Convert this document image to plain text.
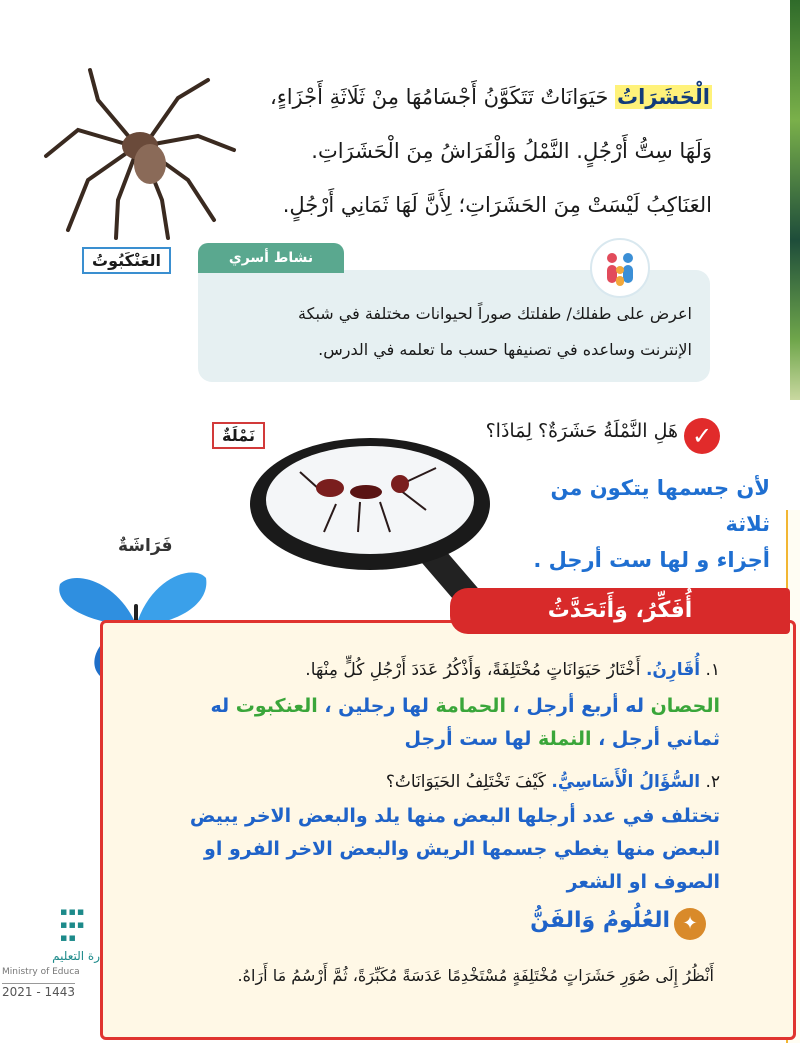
الْحَشَرَاتُ حَيَوَانَاتٌ تَتَكَوَّنُ أَجْسَامُهَا مِنْ ثَلَاثَةِ أَجْزَاءٍ،
وَلَهَا سِتُّ أَرْجُلٍ. النَّمْلُ وَالْفَرَاشُ مِنَ الْحَشَرَاتِ.
العَنَاكِبُ لَيْسَتْ مِنَ الحَشَرَاتِ؛ لِأَنَّ لَهَا ثَمَانِي أَرْجُلٍ.
العَنْكَبُوتُ	نشاط أسري
اعرض على طفلك/ طفلتك صوراً لحيوانات مختلفة في شبكة
الإنترنت وساعده في تصنيفها حسب ما تعلمه في الدرس.
نَمْلَةٌ	✓
هَلِ النَّمْلَةُ حَشَرَةٌ؟ لِمَاذَا؟
لأن جسمها يتكون من ثلاثة
أجزاء و لها ست أرجل .
فَرَاشَةٌ
أُفَكِّرُ، وَأَتَحَدَّثُ
١. أُقَارِنُ. أَخْتَارُ حَيَوَانَاتٍ مُخْتَلِفَةً، وَأَذْكُرُ عَدَدَ أَرْجُلِ كُلٍّ مِنْهَا.
الحصان له أربع أرجل ، الحمامة لها رجلين ، العنكبوت له
ثماني أرجل ، النملة لها ست أرجل
٢. السُّؤَالُ الْأَسَاسِيُّ. كَيْفَ تَخْتَلِفُ الحَيَوَانَاتُ؟
تختلف في عدد أرجلها البعض منها يلد والبعض الاخر يبيض
البعض منها يغطي جسمها الريش والبعض الاخر الفرو او
الصوف او الشعر
✦
العُلُومُ وَالفَنُّ
أَنْظُرُ إِلَى صُوَرِ حَشَرَاتٍ مُخْتَلِفَةٍ مُسْتَخْدِمًا عَدَسَةً مُكَبِّرَةً، ثُمَّ أَرْسُمُ مَا أَرَاهُ.
▪▪▪
▪▪▪
▪▪
رة التعليم
Ministry of Educa
2021 - 1443
